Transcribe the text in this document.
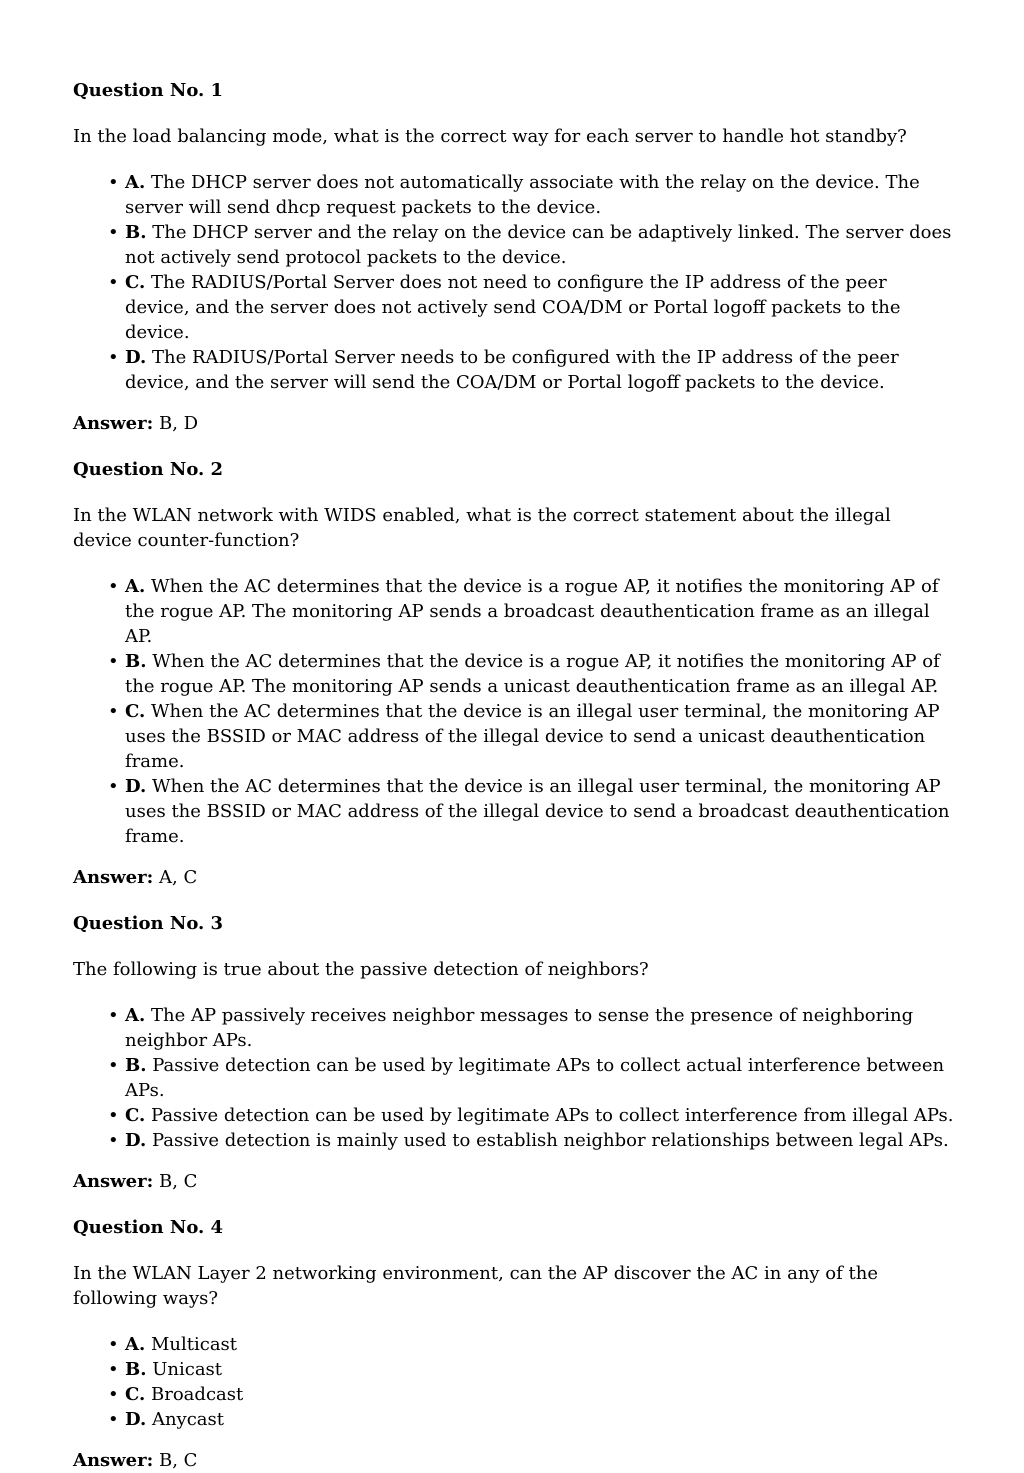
Question No. 1

In the load balancing mode, what is the correct way for each server to handle hot standby?

• A. The DHCP server does not automatically associate with the relay on the device. The server will send dhcp request packets to the device.
• B. The DHCP server and the relay on the device can be adaptively linked. The server does not actively send protocol packets to the device.
• C. The RADIUS/Portal Server does not need to configure the IP address of the peer device, and the server does not actively send COA/DM or Portal logoff packets to the device.
• D. The RADIUS/Portal Server needs to be configured with the IP address of the peer device, and the server will send the COA/DM or Portal logoff packets to the device.

Answer: B, D

Question No. 2

In the WLAN network with WIDS enabled, what is the correct statement about the illegal device counter-function?

• A. When the AC determines that the device is a rogue AP, it notifies the monitoring AP of the rogue AP. The monitoring AP sends a broadcast deauthentication frame as an illegal AP.
• B. When the AC determines that the device is a rogue AP, it notifies the monitoring AP of the rogue AP. The monitoring AP sends a unicast deauthentication frame as an illegal AP.
• C. When the AC determines that the device is an illegal user terminal, the monitoring AP uses the BSSID or MAC address of the illegal device to send a unicast deauthentication frame.
• D. When the AC determines that the device is an illegal user terminal, the monitoring AP uses the BSSID or MAC address of the illegal device to send a broadcast deauthentication frame.

Answer: A, C

Question No. 3

The following is true about the passive detection of neighbors?

• A. The AP passively receives neighbor messages to sense the presence of neighboring neighbor APs.
• B. Passive detection can be used by legitimate APs to collect actual interference between APs.
• C. Passive detection can be used by legitimate APs to collect interference from illegal APs.
• D. Passive detection is mainly used to establish neighbor relationships between legal APs.

Answer: B, C

Question No. 4

In the WLAN Layer 2 networking environment, can the AP discover the AC in any of the following ways?

• A. Multicast
• B. Unicast
• C. Broadcast
• D. Anycast

Answer: B, C
